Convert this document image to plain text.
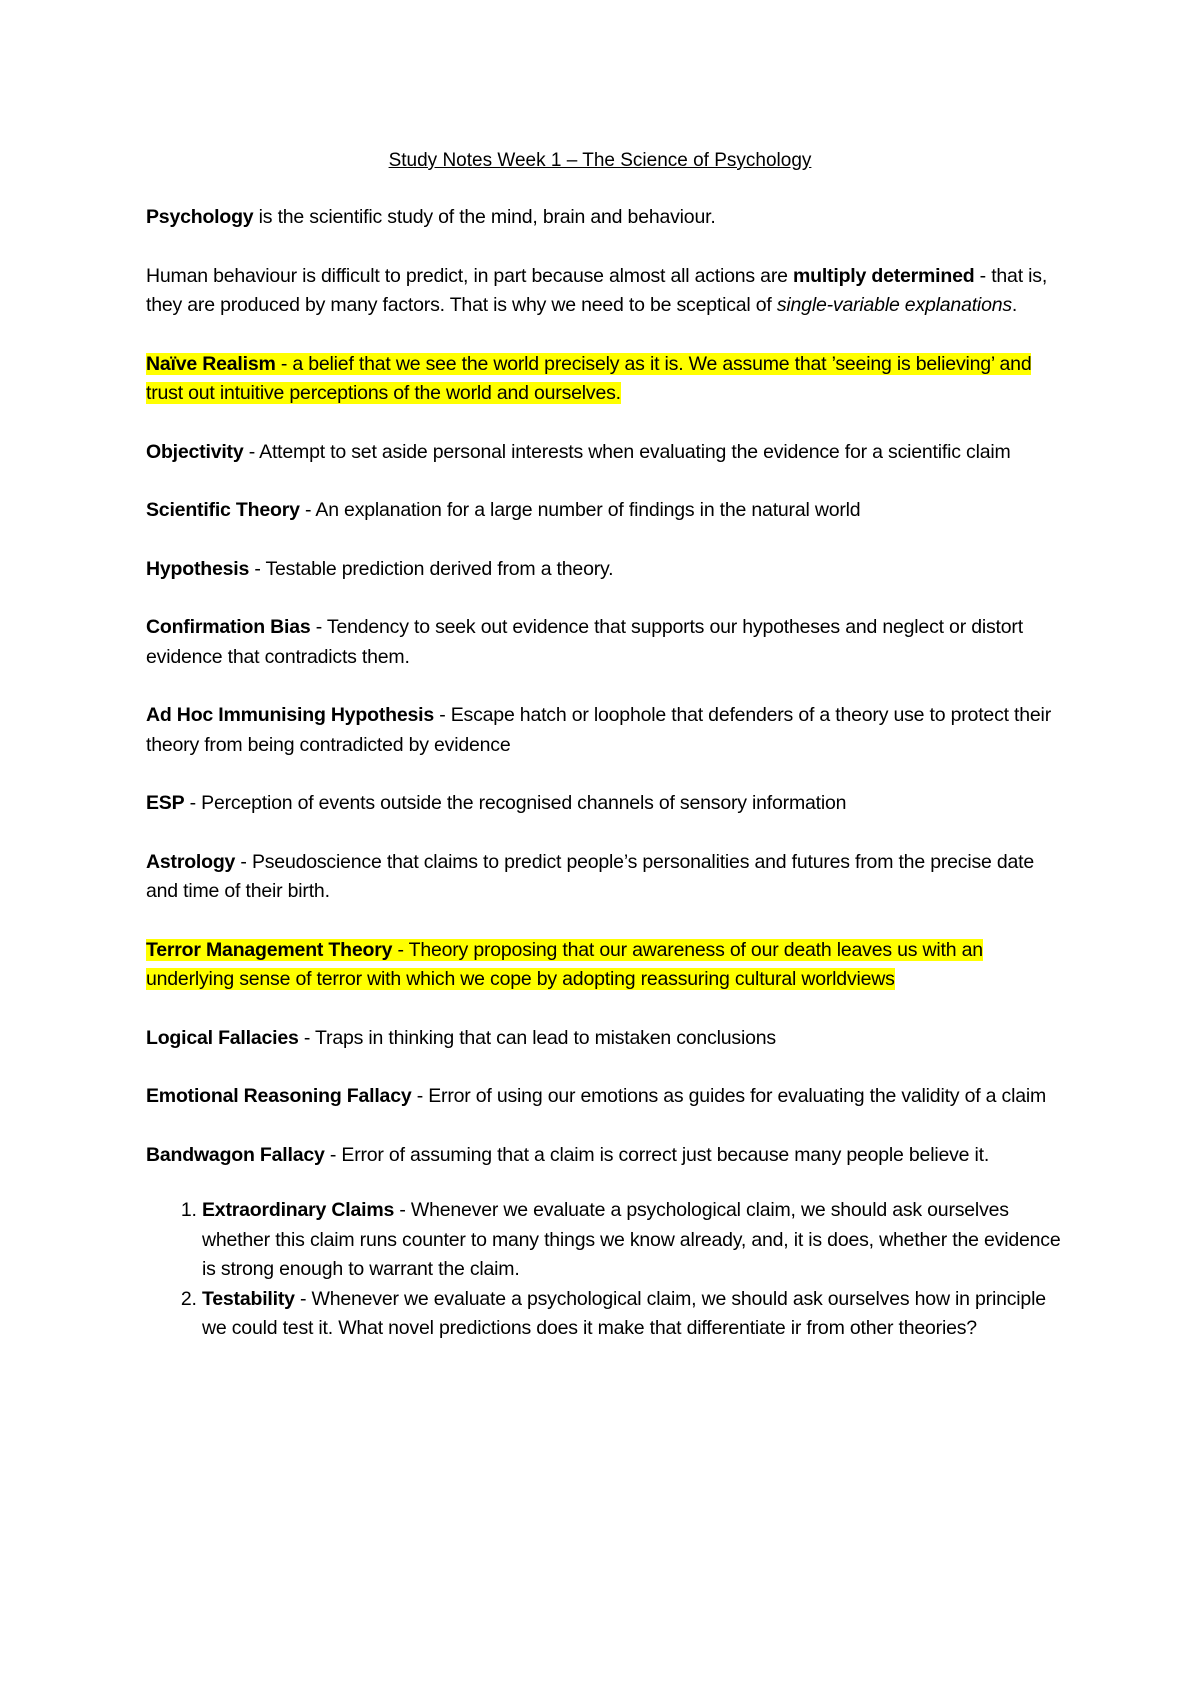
Study Notes Week 1 – The Science of Psychology

Psychology is the scientific study of the mind, brain and behaviour.

Human behaviour is difficult to predict, in part because almost all actions are multiply determined - that is, they are produced by many factors. That is why we need to be sceptical of single-variable explanations.

Naïve Realism - a belief that we see the world precisely as it is. We assume that ’seeing is believing’ and trust out intuitive perceptions of the world and ourselves.

Objectivity - Attempt to set aside personal interests when evaluating the evidence for a scientific claim

Scientific Theory - An explanation for a large number of findings in the natural world

Hypothesis - Testable prediction derived from a theory.

Confirmation Bias - Tendency to seek out evidence that supports our hypotheses and neglect or distort evidence that contradicts them.

Ad Hoc Immunising Hypothesis - Escape hatch or loophole that defenders of a theory use to protect their theory from being contradicted by evidence

ESP - Perception of events outside the recognised channels of sensory information

Astrology - Pseudoscience that claims to predict people’s personalities and futures from the precise date and time of their birth.

Terror Management Theory - Theory proposing that our awareness of our death leaves us with an underlying sense of terror with which we cope by adopting reassuring cultural worldviews

Logical Fallacies - Traps in thinking that can lead to mistaken conclusions

Emotional Reasoning Fallacy - Error of using our emotions as guides for evaluating the validity of a claim

Bandwagon Fallacy - Error of assuming that a claim is correct just because many people believe it.

1. Extraordinary Claims - Whenever we evaluate a psychological claim, we should ask ourselves whether this claim runs counter to many things we know already, and, it is does, whether the evidence is strong enough to warrant the claim.
2. Testability - Whenever we evaluate a psychological claim, we should ask ourselves how in principle we could test it. What novel predictions does it make that differentiate ir from other theories?
